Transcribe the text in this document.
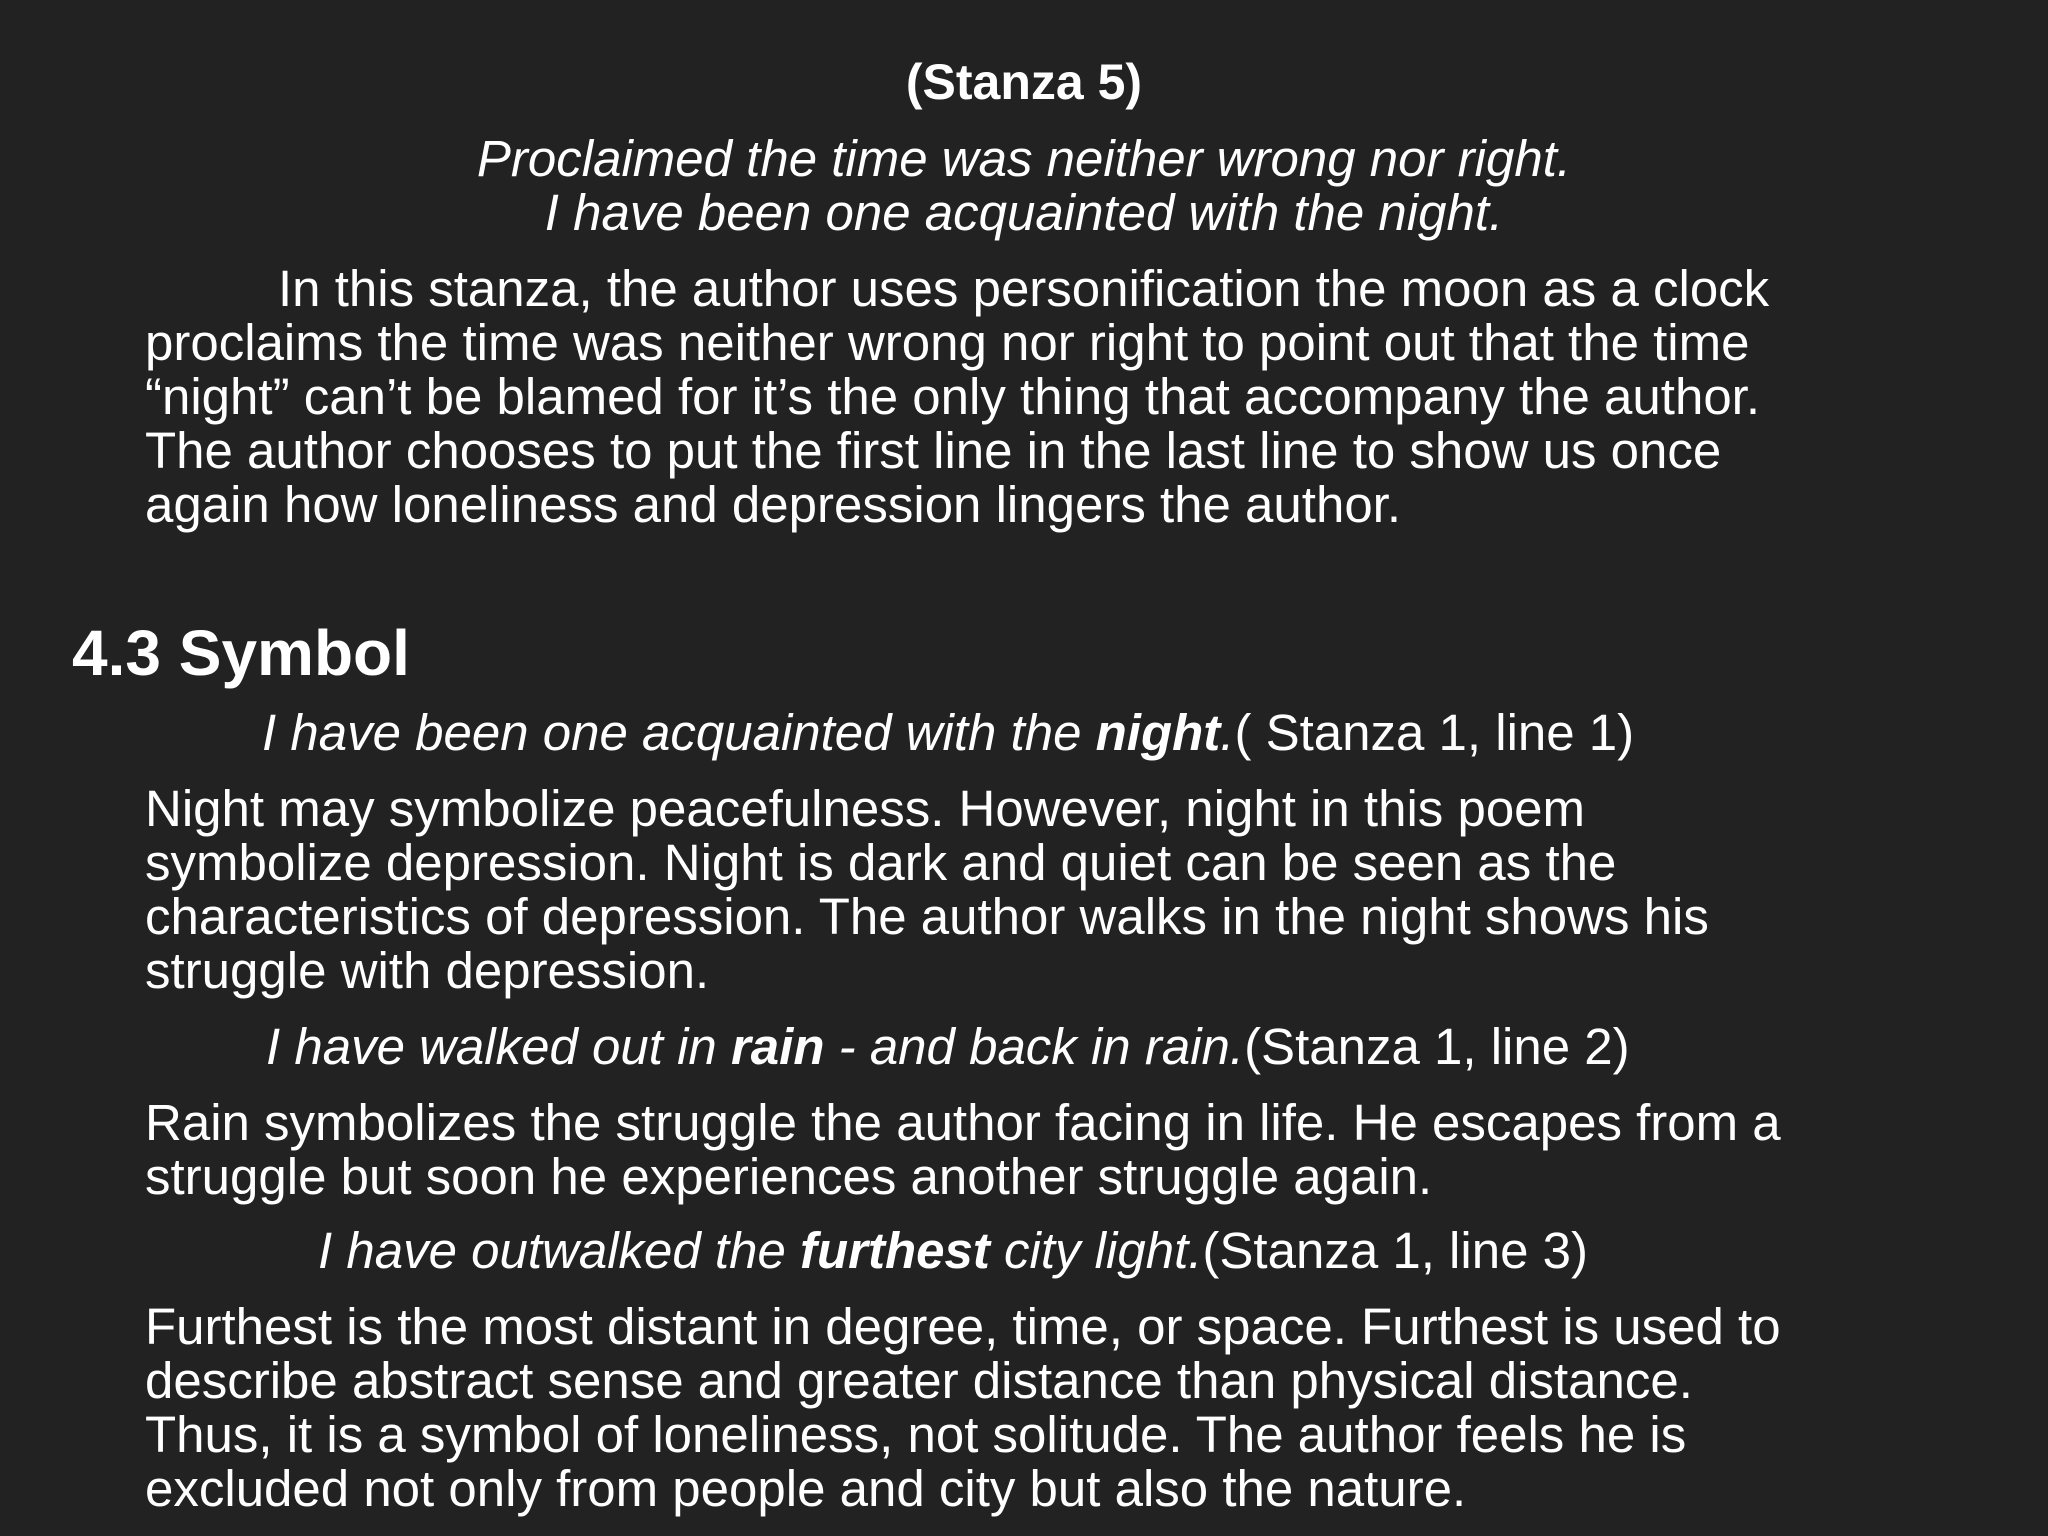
(Stanza 5)
Proclaimed the time was neither wrong nor right.
I have been one acquainted with the night.
In this stanza, the author uses personification the moon as a clock
proclaims the time was neither wrong nor right to point out that the time
“night” can’t be blamed for it’s the only thing that accompany the author.
The author chooses to put the first line in the last line to show us once
again how loneliness and depression lingers the author.
4.3 Symbol
I have been one acquainted with the night.( Stanza 1, line 1)
Night may symbolize peacefulness. However, night in this poem
symbolize depression. Night is dark and quiet can be seen as the
characteristics of depression. The author walks in the night shows his
struggle with depression.
I have walked out in rain - and back in rain.(Stanza 1, line 2)
Rain symbolizes the struggle the author facing in life. He escapes from a
struggle but soon he experiences another struggle again.
I have outwalked the furthest city light.(Stanza 1, line 3)
Furthest is the most distant in degree, time, or space. Furthest is used to
describe abstract sense and greater distance than physical distance.
Thus, it is a symbol of loneliness, not solitude. The author feels he is
excluded not only from people and city but also the nature.
